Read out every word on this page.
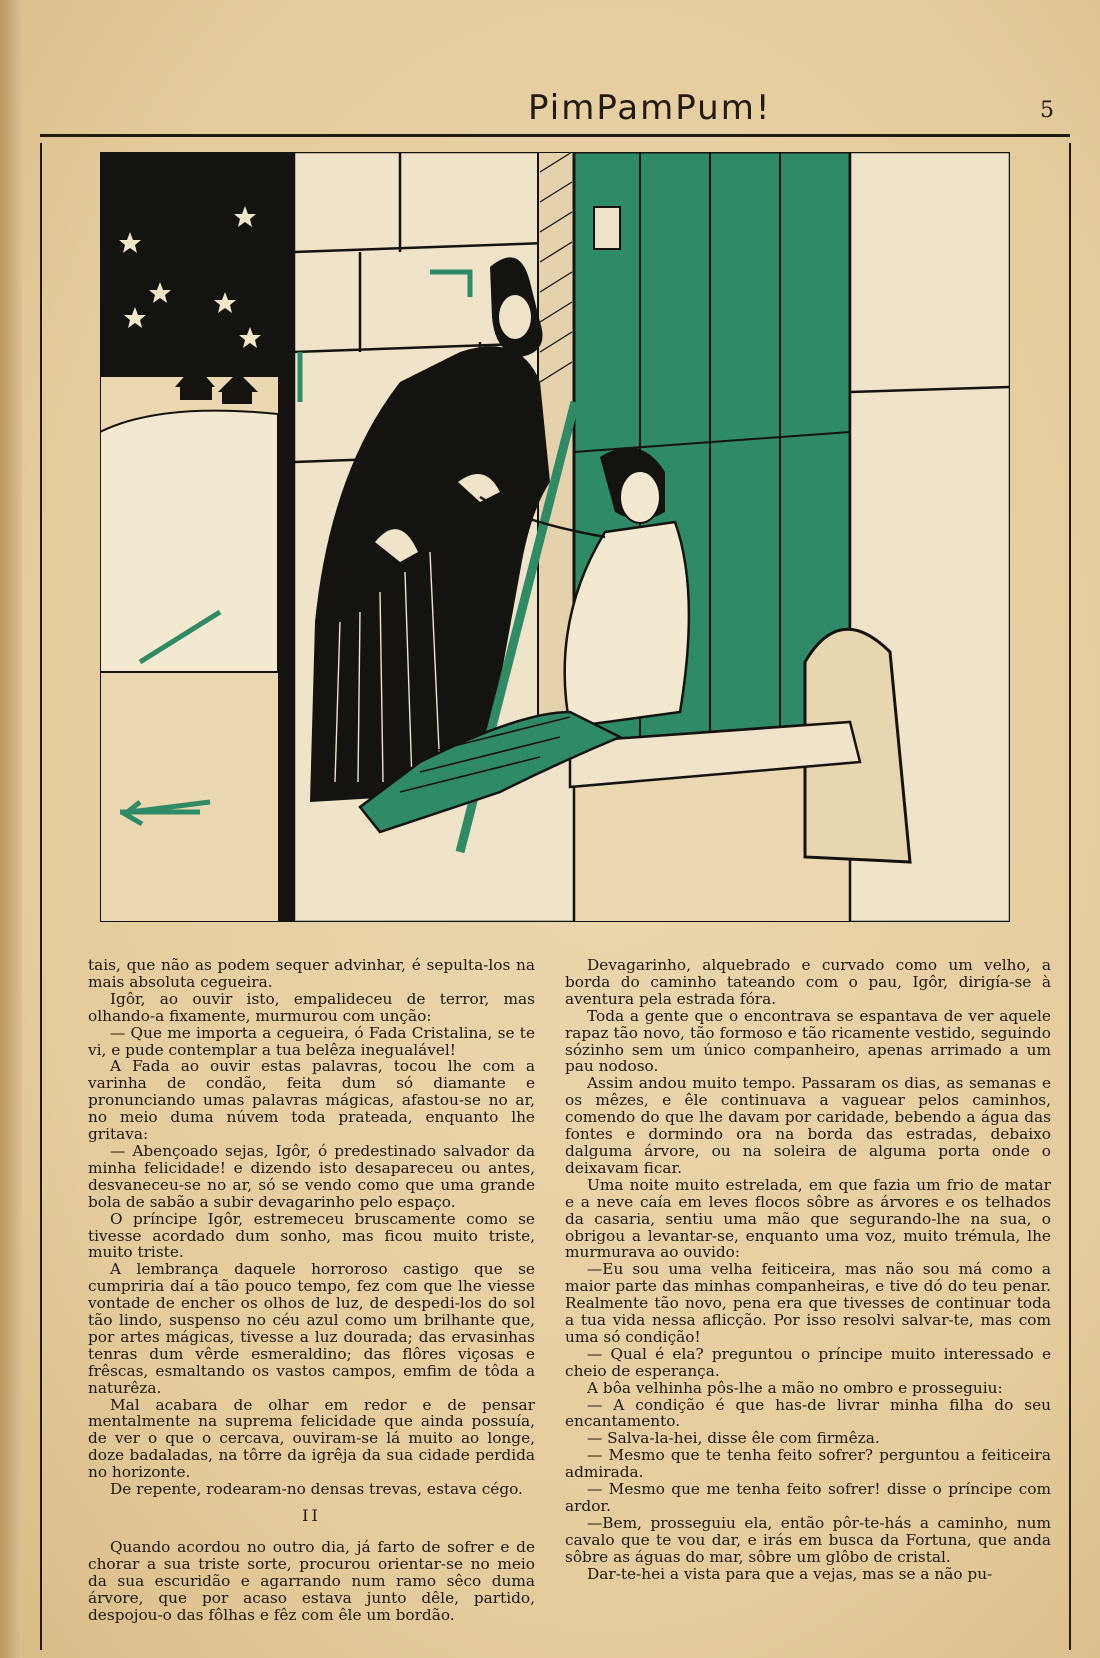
PimPamPum!	5

tais, que não as podem sequer advinhar, é sepulta-los na mais absoluta cegueira.

Igôr, ao ouvir isto, empalideceu de terror, mas olhando-a fixamente, murmurou com unção:

— Que me importa a cegueira, ó Fada Cristalina, se te vi, e pude contemplar a tua belêza inegualável!

A Fada ao ouvir estas palavras, tocou lhe com a varinha de condão, feita dum só diamante e pronunciando umas palavras mágicas, afastou-se no ar, no meio duma núvem toda prateada, enquanto lhe gritava:

— Abençoado sejas, Igôr, ó predestinado salvador da minha felicidade! e dizendo isto desapareceu ou antes, desvaneceu-se no ar, só se vendo como que uma grande bola de sabão a subir devagarinho pelo espaço.

O príncipe Igôr, estremeceu bruscamente como se tivesse acordado dum sonho, mas ficou muito triste, muito triste.

A lembrança daquele horroroso castigo que se cumpriria daí a tão pouco tempo, fez com que lhe viesse vontade de encher os olhos de luz, de despedi-los do sol tão lindo, suspenso no céu azul como um brilhante que, por artes mágicas, tivesse a luz dourada; das ervasinhas tenras dum vêrde esmeraldino; das flôres viçosas e frêscas, esmaltando os vastos campos, emfim de tôda a naturêza.

Mal acabara de olhar em redor e de pensar mentalmente na suprema felicidade que ainda possuía, de ver o que o cercava, ouviram-se lá muito ao longe, doze badaladas, na tôrre da igrêja da sua cidade perdida no horizonte.

De repente, rodearam-no densas trevas, estava cégo.

II

Quando acordou no outro dia, já farto de sofrer e de chorar a sua triste sorte, procurou orientar-se no meio da sua escuridão e agarrando num ramo sêco duma árvore, que por acaso estava junto dêle, partido, despojou-o das fôlhas e fêz com êle um bordão.

Devagarinho, alquebrado e curvado como um velho, a borda do caminho tateando com o pau, Igôr, dirigía-se à aventura pela estrada fóra.

Toda a gente que o encontrava se espantava de ver aquele rapaz tão novo, tão formoso e tão ricamente vestido, seguindo sózinho sem um único companheiro, apenas arrimado a um pau nodoso.

Assim andou muito tempo. Passaram os dias, as semanas e os mêzes, e êle continuava a vaguear pelos caminhos, comendo do que lhe davam por caridade, bebendo a água das fontes e dormindo ora na borda das estradas, debaixo dalguma árvore, ou na soleira de alguma porta onde o deixavam ficar.

Uma noite muito estrelada, em que fazia um frio de matar e a neve caía em leves flocos sôbre as árvores e os telhados da casaria, sentiu uma mão que segurando-lhe na sua, o obrigou a levantar-se, enquanto uma voz, muito trémula, lhe murmurava ao ouvido:

—Eu sou uma velha feiticeira, mas não sou má como a maior parte das minhas companheiras, e tive dó do teu penar. Realmente tão novo, pena era que tivesses de continuar toda a tua vida nessa aflicção. Por isso resolvi salvar-te, mas com uma só condição!

— Qual é ela? preguntou o príncipe muito interessado e cheio de esperança.

A bôa velhinha pôs-lhe a mão no ombro e prosseguiu:

— A condição é que has-de livrar minha filha do seu encantamento.

— Salva-la-hei, disse êle com firmêza.

— Mesmo que te tenha feito sofrer? perguntou a feiticeira admirada.

— Mesmo que me tenha feito sofrer! disse o príncipe com ardor.

—Bem, prosseguiu ela, então pôr-te-hás a caminho, num cavalo que te vou dar, e irás em busca da Fortuna, que anda sôbre as águas do mar, sôbre um glôbo de cristal.

Dar-te-hei a vista para que a vejas, mas se a não pu-
